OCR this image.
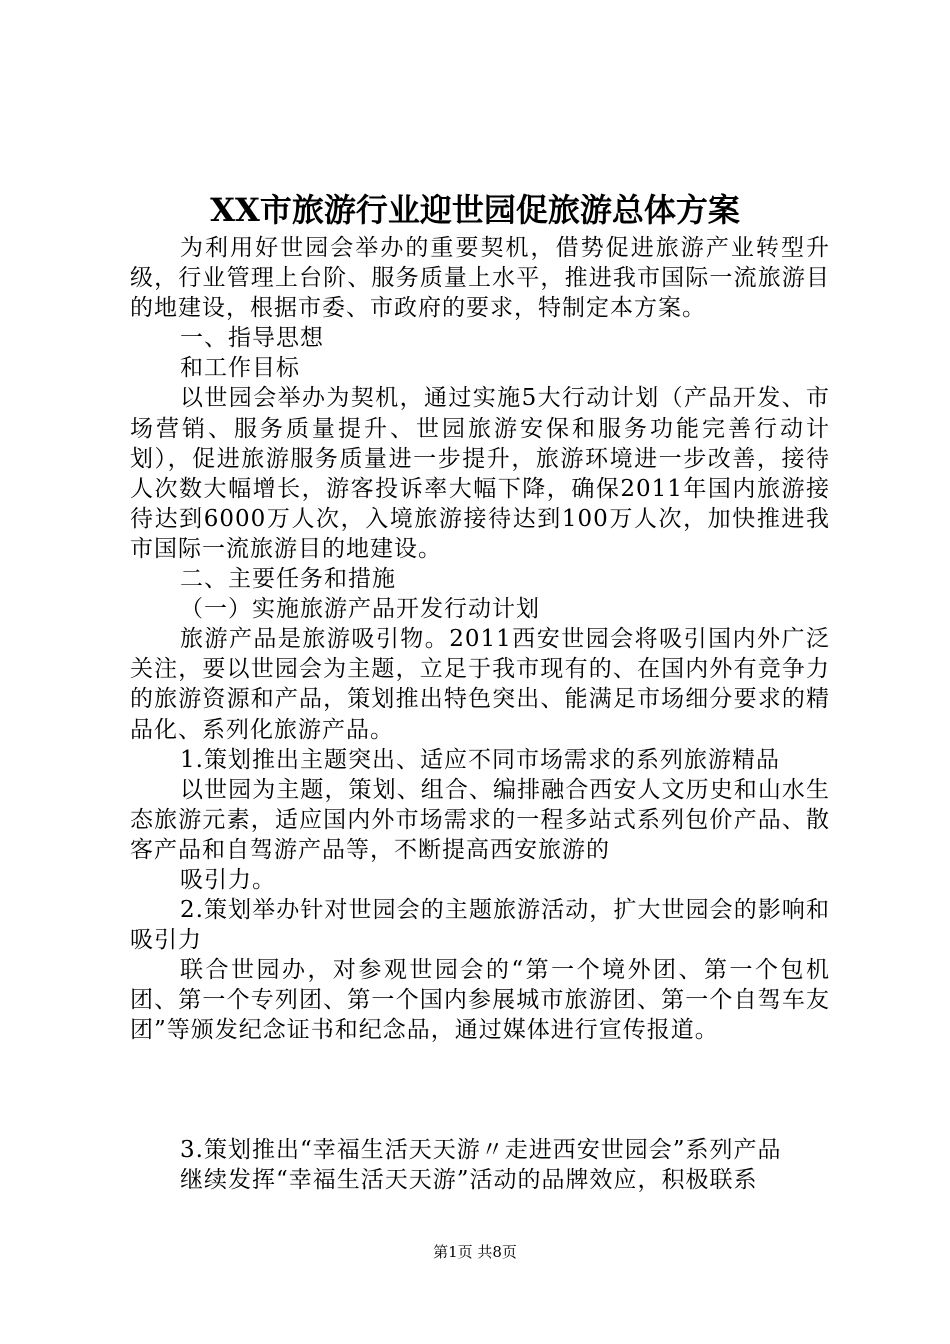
XX市旅游行业迎世园促旅游总体方案

为利用好世园会举办的重要契机，借势促进旅游产业转型升级，行业管理上台阶、服务质量上水平，推进我市国际一流旅游目的地建设，根据市委、市政府的要求，特制定本方案。

一、指导思想

和工作目标

以世园会举办为契机，通过实施5大行动计划（产品开发、市场营销、服务质量提升、世园旅游安保和服务功能完善行动计划），促进旅游服务质量进一步提升，旅游环境进一步改善，接待人次数大幅增长，游客投诉率大幅下降，确保2011年国内旅游接待达到6000万人次，入境旅游接待达到100万人次，加快推进我市国际一流旅游目的地建设。

二、主要任务和措施

（一）实施旅游产品开发行动计划

旅游产品是旅游吸引物。2011西安世园会将吸引国内外广泛关注，要以世园会为主题，立足于我市现有的、在国内外有竞争力的旅游资源和产品，策划推出特色突出、能满足市场细分要求的精品化、系列化旅游产品。

1.策划推出主题突出、适应不同市场需求的系列旅游精品

以世园为主题，策划、组合、编排融合西安人文历史和山水生态旅游元素，适应国内外市场需求的一程多站式系列包价产品、散客产品和自驾游产品等，不断提高西安旅游的

吸引力。

2.策划举办针对世园会的主题旅游活动，扩大世园会的影响和吸引力

联合世园办，对参观世园会的“第一个境外团、第一个包机团、第一个专列团、第一个国内参展城市旅游团、第一个自驾车友团”等颁发纪念证书和纪念品，通过媒体进行宣传报道。

3.策划推出“幸福生活天天游〃走进西安世园会”系列产品

继续发挥“幸福生活天天游”活动的品牌效应，积极联系

第1页 共8页
